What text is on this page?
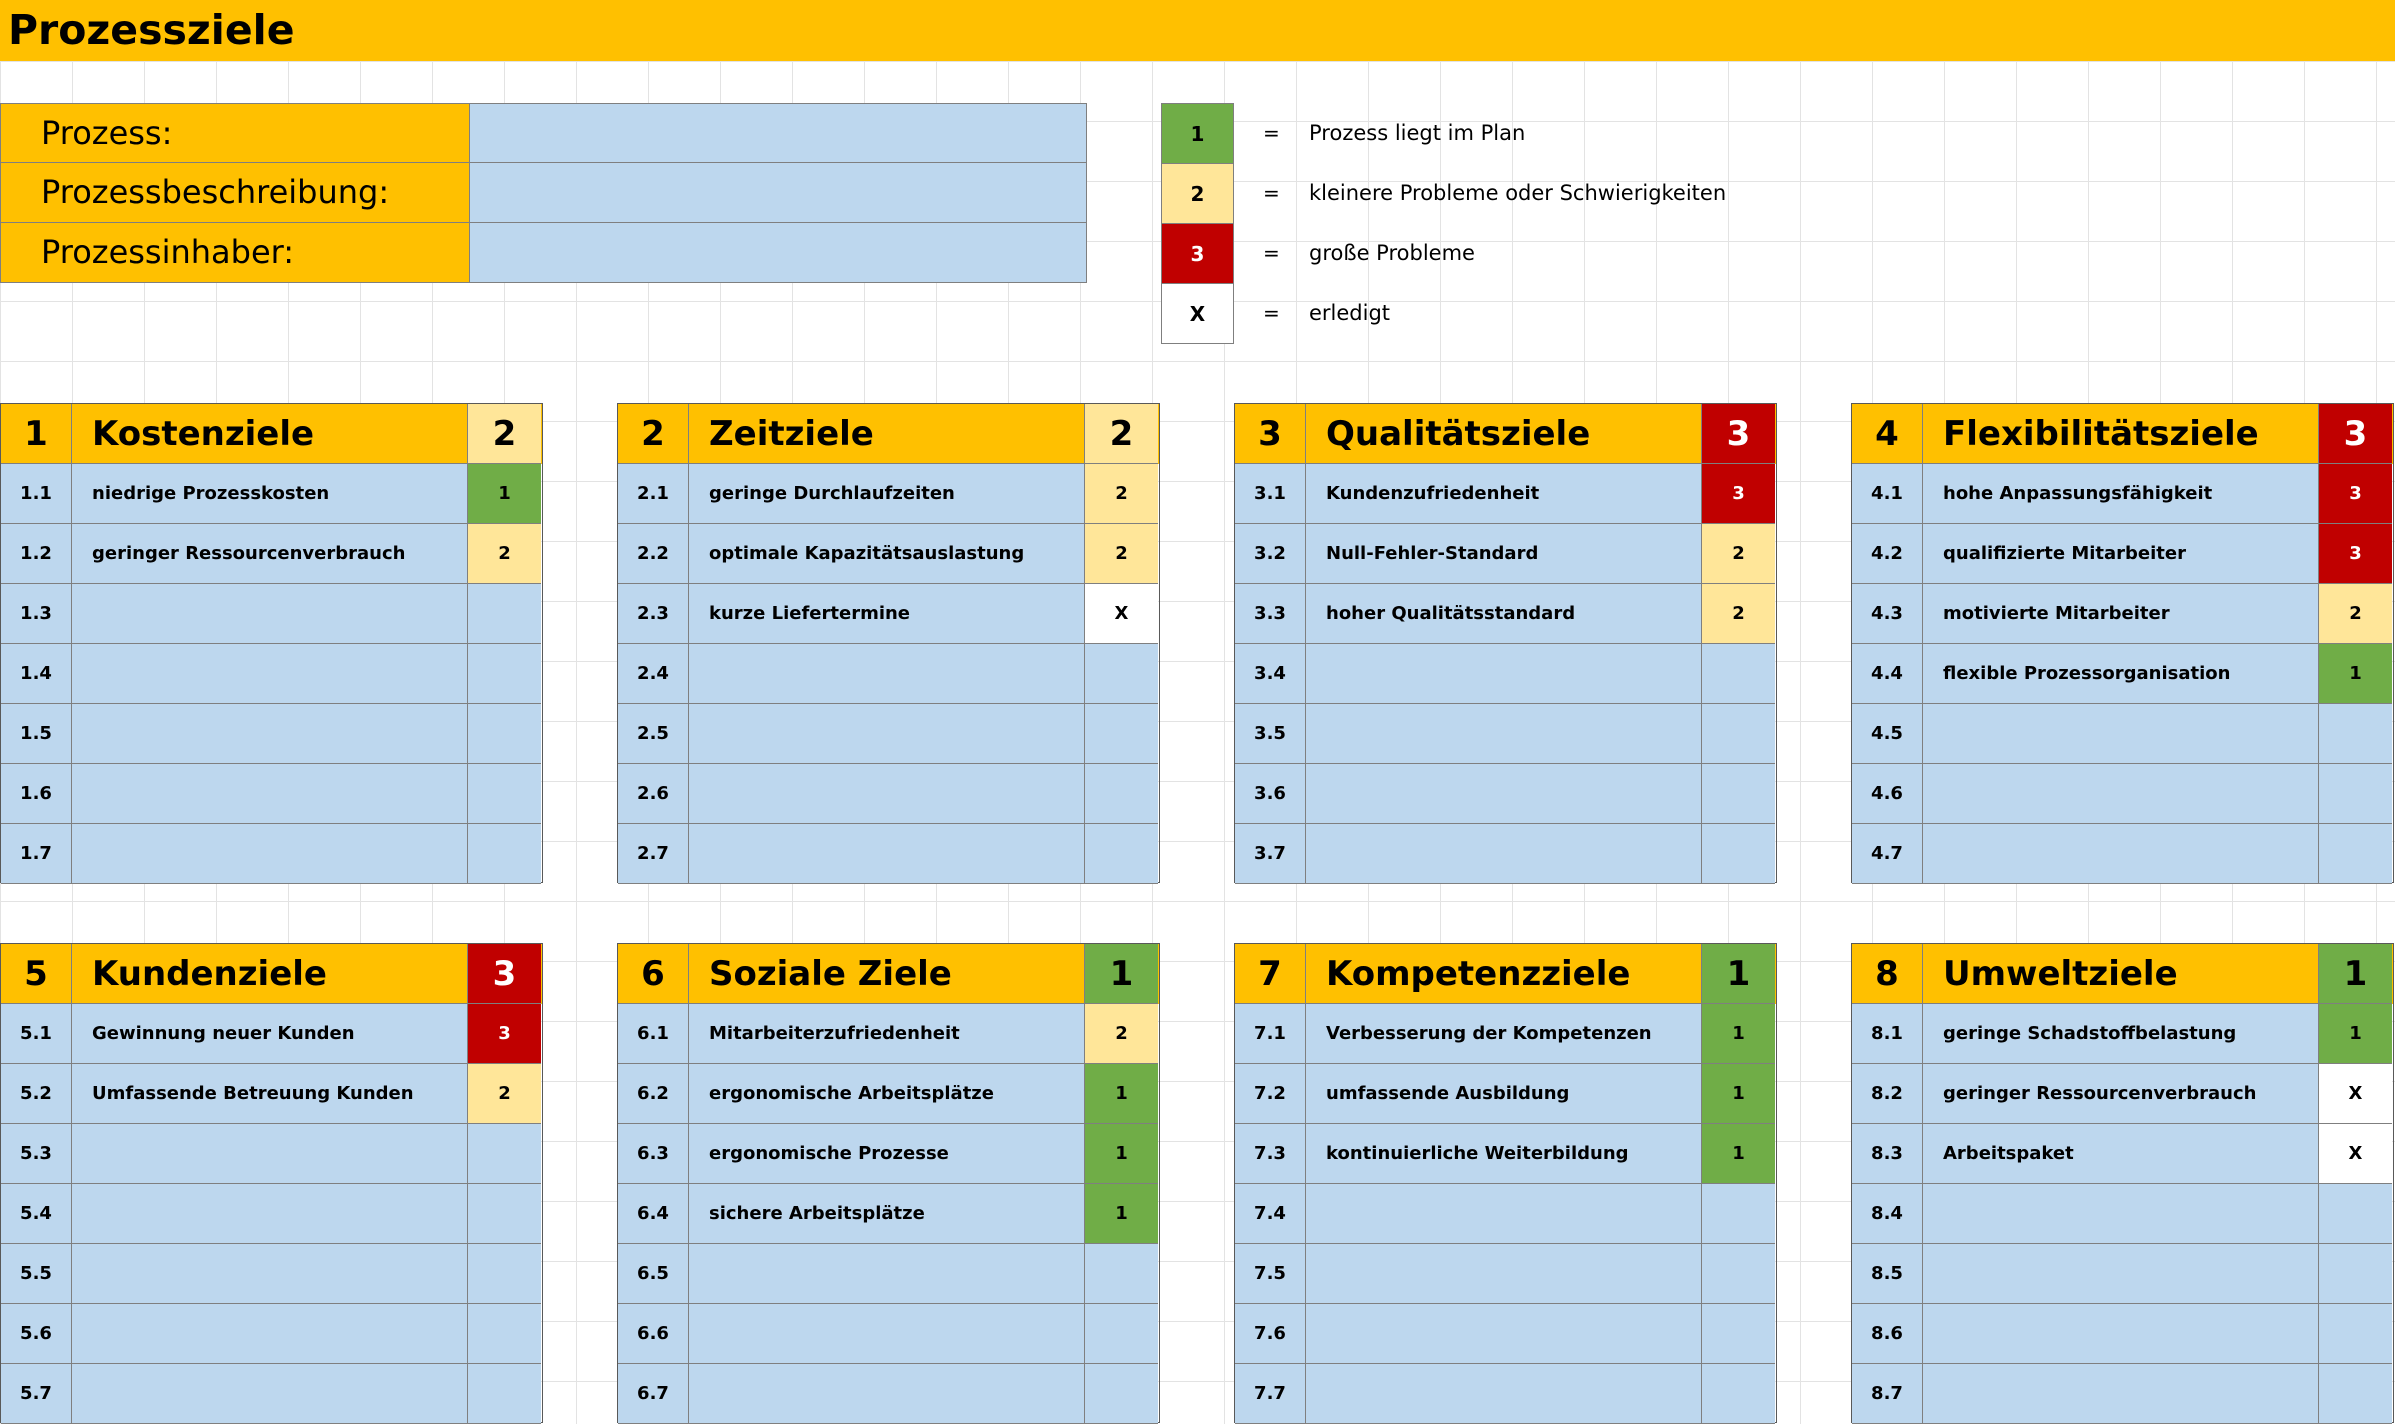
Prozessziele
Prozess:
Prozessbeschreibung:
Prozessinhaber:
1	= Prozess liegt im Plan
2	= kleinere Probleme oder Schwierigkeiten
3	= große Probleme
X	= erledigt
1	Kostenziele	2
1.1	niedrige Prozesskosten	1
1.2	geringer Ressourcenverbrauch	2
1.3
1.4
1.5
1.6
1.7
2	Zeitziele	2
2.1	geringe Durchlaufzeiten	2
2.2	optimale Kapazitätsauslastung	2
2.3	kurze Liefertermine	X
2.4
2.5
2.6
2.7
3	Qualitätsziele	3
3.1	Kundenzufriedenheit	3
3.2	Null-Fehler-Standard	2
3.3	hoher Qualitätsstandard	2
3.4
3.5
3.6
3.7
4	Flexibilitätsziele	3
4.1	hohe Anpassungsfähigkeit	3
4.2	qualifizierte Mitarbeiter	3
4.3	motivierte Mitarbeiter	2
4.4	flexible Prozessorganisation	1
4.5
4.6
4.7
5	Kundenziele	3
5.1	Gewinnung neuer Kunden	3
5.2	Umfassende Betreuung Kunden	2
5.3
5.4
5.5
5.6
5.7
6	Soziale Ziele	1
6.1	Mitarbeiterzufriedenheit	2
6.2	ergonomische Arbeitsplätze	1
6.3	ergonomische Prozesse	1
6.4	sichere Arbeitsplätze	1
6.5
6.6
6.7
7	Kompetenzziele	1
7.1	Verbesserung der Kompetenzen	1
7.2	umfassende Ausbildung	1
7.3	kontinuierliche Weiterbildung	1
7.4
7.5
7.6
7.7
8	Umweltziele	1
8.1	geringe Schadstoffbelastung	1
8.2	geringer Ressourcenverbrauch	X
8.3	Arbeitspaket	X
8.4
8.5
8.6
8.7
